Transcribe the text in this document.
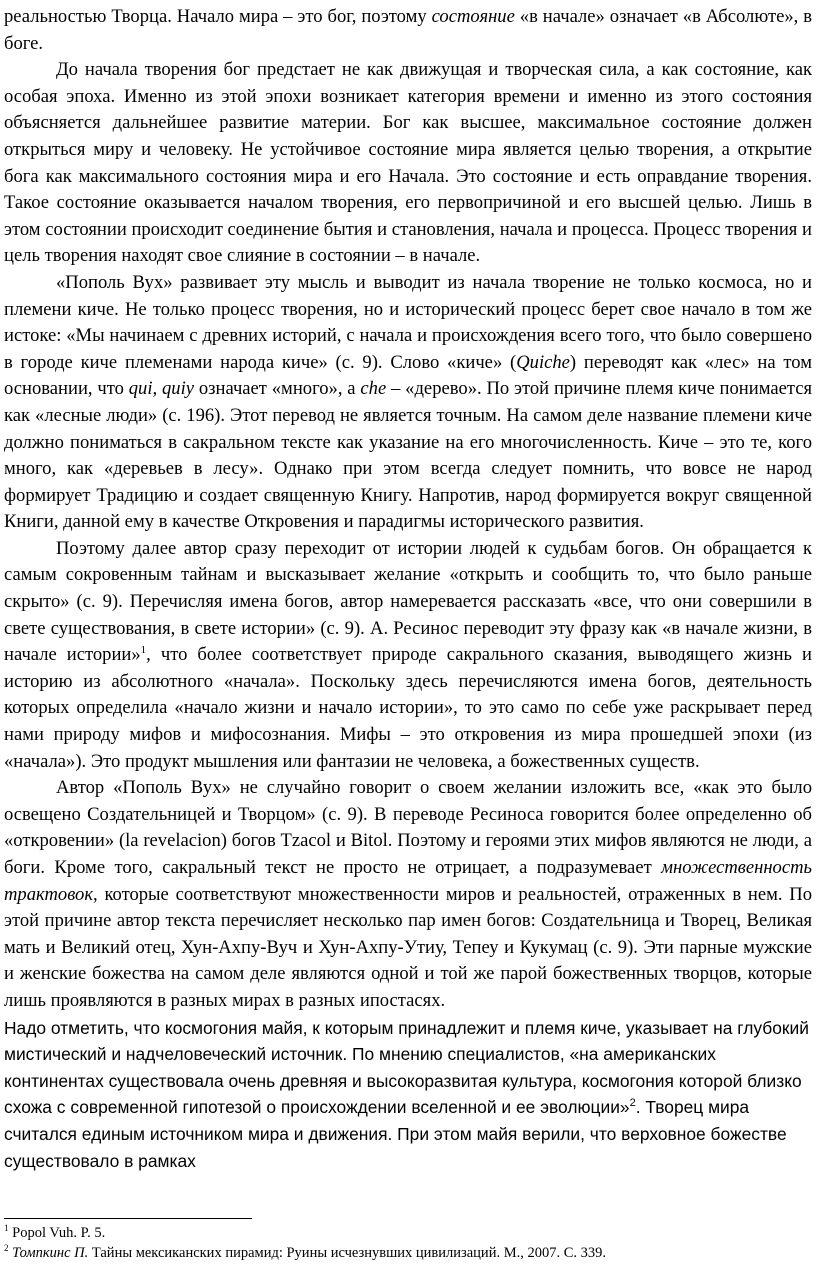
реальностью Творца. Начало мира – это бог, поэтому состояние «в начале» означает «в Абсолюте», в боге.

До начала творения бог предстает не как движущая и творческая сила, а как состояние, как особая эпоха. Именно из этой эпохи возникает категория времени и именно из этого состояния объясняется дальнейшее развитие материи. Бог как высшее, максимальное состояние должен открыться миру и человеку. Не устойчивое состояние мира является целью творения, а открытие бога как максимального состояния мира и его Начала. Это состояние и есть оправдание творения. Такое состояние оказывается началом творения, его первопричиной и его высшей целью. Лишь в этом состоянии происходит соединение бытия и становления, начала и процесса. Процесс творения и цель творения находят свое слияние в состоянии – в начале.

«Пополь Вух» развивает эту мысль и выводит из начала творение не только космоса, но и племени киче. Не только процесс творения, но и исторический процесс берет свое начало в том же истоке: «Мы начинаем с древних историй, с начала и происхождения всего того, что было совершено в городе киче племенами народа киче» (с. 9). Слово «киче» (Quiche) переводят как «лес» на том основании, что qui, quiy означает «много», а che – «дерево». По этой причине племя киче понимается как «лесные люди» (с. 196). Этот перевод не является точным. На самом деле название племени киче должно пониматься в сакральном тексте как указание на его многочисленность. Киче – это те, кого много, как «деревьев в лесу». Однако при этом всегда следует помнить, что вовсе не народ формирует Традицию и создает священную Книгу. Напротив, народ формируется вокруг священной Книги, данной ему в качестве Откровения и парадигмы исторического развития.

Поэтому далее автор сразу переходит от истории людей к судьбам богов. Он обращается к самым сокровенным тайнам и высказывает желание «открыть и сообщить то, что было раньше скрыто» (с. 9). Перечисляя имена богов, автор намеревается рассказать «все, что они совершили в свете существования, в свете истории» (с. 9). А. Ресинос переводит эту фразу как «в начале жизни, в начале истории»$^1$, что более соответствует природе сакрального сказания, выводящего жизнь и историю из абсолютного «начала». Поскольку здесь перечисляются имена богов, деятельность которых определила «начало жизни и начало истории», то это само по себе уже раскрывает перед нами природу мифов и мифосознания. Мифы – это откровения из мира прошедшей эпохи (из «начала»). Это продукт мышления или фантазии не человека, а божественных существ.

Автор «Пополь Вух» не случайно говорит о своем желании изложить все, «как это было освещено Создательницей и Творцом» (с. 9). В переводе Ресиноса говорится более определенно об «откровении» (la revelacion) богов Tzacol и Bitol. Поэтому и героями этих мифов являются не люди, а боги. Кроме того, сакральный текст не просто не отрицает, а подразумевает множественность трактовок, которые соответствуют множественности миров и реальностей, отраженных в нем. По этой причине автор текста перечисляет несколько пар имен богов: Создательница и Творец, Великая мать и Великий отец, Хун-Ахпу-Вуч и Хун-Ахпу-Утиу, Тепеу и Кукумац (с. 9). Эти парные мужские и женские божества на самом деле являются одной и той же парой божественных творцов, которые лишь проявляются в разных мирах в разных ипостасях.

Надо отметить, что космогония майя, к которым принадлежит и племя киче, указывает на глубокий мистический и надчеловеческий источник. По мнению специалистов, «на американских континентах существовала очень древняя и высокоразвитая культура, космогония которой близко схожа с современной гипотезой о происхождении вселенной и ее эволюции»$^2$. Творец мира считался единым источником мира и движения. При этом майя верили, что верховное божестве существовало в рамках

$^1$ Popol Vuh. P. 5.

$^2$ Томпкинс П. Тайны мексиканских пирамид: Руины исчезнувших цивилизаций. М., 2007. С. 339.
